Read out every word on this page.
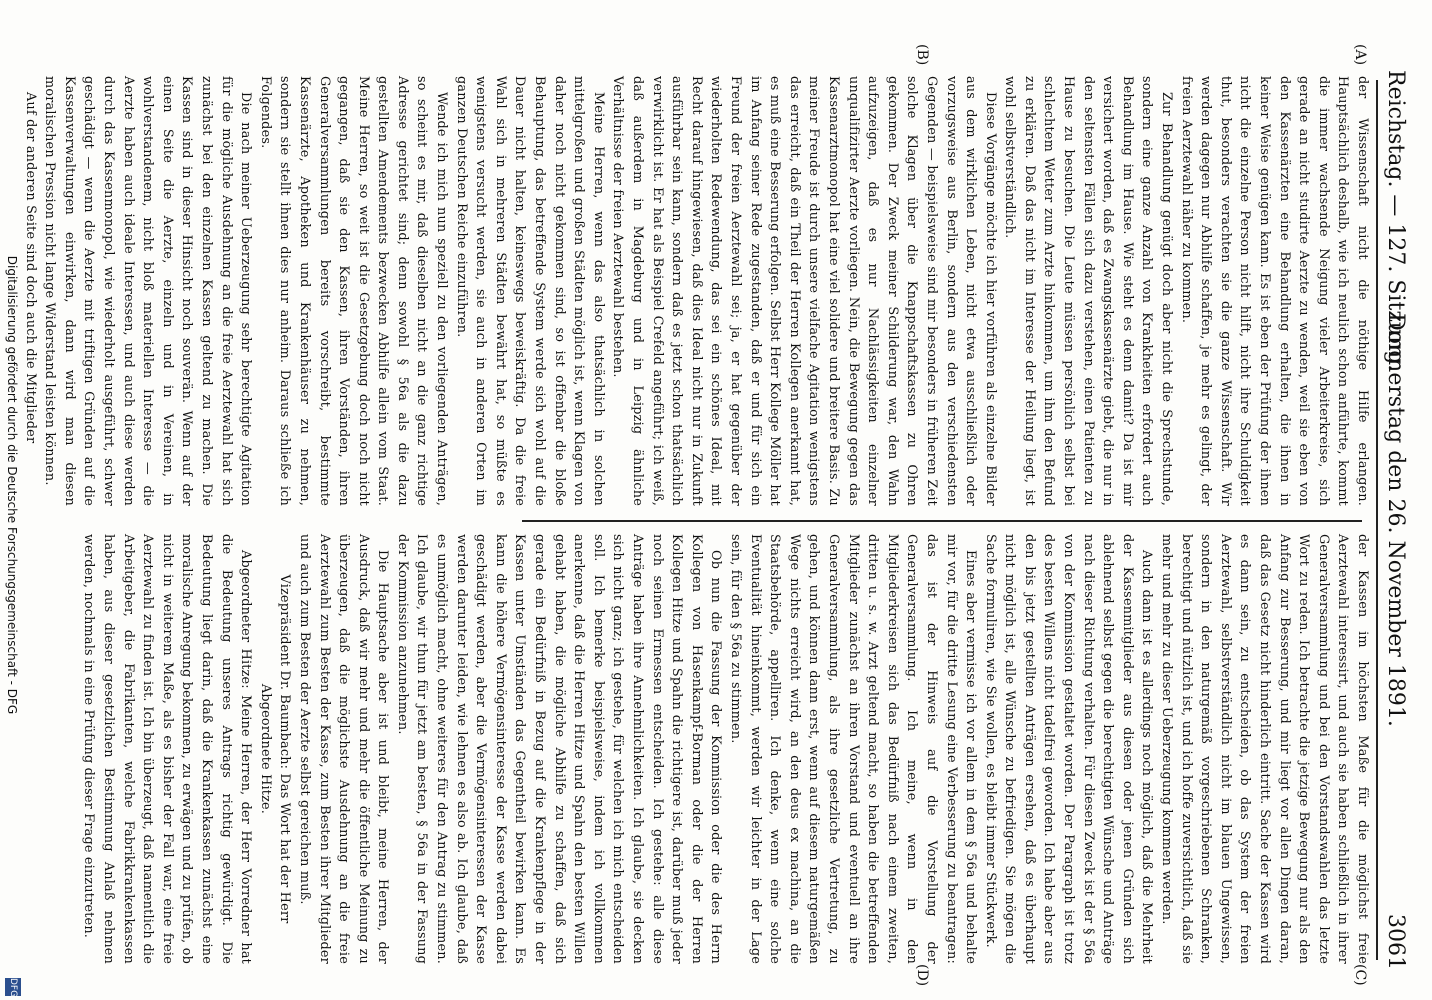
Reichstag. — 127. Sitzung.
Donnerstag den 26. November 1891.
3061
(A)
(B)
(C)
(D)

der Wissenschaft nicht die nöthige Hilfe erlangen. Hauptsächlich deshalb, wie ich neulich schon anführte, kommt die immer wachsende Neigung vieler Arbeiterkreise, sich gerade an nicht studirte Aerzte zu wenden, weil sie eben von den Kassenärzten eine Behandlung erhalten, die ihnen in keiner Weise genügen kann. Es ist eben der Prüfung der ihnen nicht die einzelne Person nicht hilft, nicht ihre Schuldigkeit thut, besonders verachten sie die ganze Wissenschaft. Wir werden dagegen nur Abhilfe schaffen, je mehr es gelingt, der freien Aerztewahl näher zu kommen.

Zur Behandlung genügt doch aber nicht die Sprechstunde, sondern eine ganze Anzahl von Krankheiten erfordert auch Behandlung im Hause. Wie steht es denn damit? Da ist mir versichert worden, daß es Zwangskassenärzte giebt, die nur in den seltensten Fällen sich dazu verstehen, einen Patienten zu Hause zu besuchen. Die Leute müssen persönlich selbst bei schlechtem Wetter zum Arzte hinkommen, um ihm den Befund zu erklären. Daß das nicht im Interesse der Heilung liegt, ist wohl selbstverständlich.

Diese Vorgänge möchte ich hier vorführen als einzelne Bilder aus dem wirklichen Leben, nicht etwa ausschließlich oder vorzugsweise aus Berlin, sondern aus den verschiedensten Gegenden — beispielsweise sind mir besonders in früheren Zeit solche Klagen über die Knappschaftskassen zu Ohren gekommen. Der Zweck meiner Schilderung war, den Wahn aufzuzeigen, daß es nur Nachlässigkeiten einzelner unqualifizirter Aerzte vorliegen. Nein, die Bewegung gegen das Kassenarztmonopol hat eine viel solidere und breitere Basis. Zu meiner Freude ist durch unsere vielfache Agitation wenigstens das erreicht, daß ein Theil der Herren Kollegen anerkannt hat, es muß eine Besserung erfolgen. Selbst Herr Kollege Möller hat im Anfang seiner Rede zugestanden, daß er und für sich ein Freund der freien Aerztewahl sei; ja, er hat gegenüber der wiederholten Redewendung, das sei ein schönes Ideal, mit Recht darauf hingewiesen, daß dies Ideal nicht nur in Zukunft ausführbar sein kann, sondern daß es jetzt schon thatsächlich verwirklicht ist. Er hat als Beispiel Crefeld angeführt; ich weiß, daß außerdem in Magdeburg und in Leipzig ähnliche Verhältnisse der freien Aerztewahl bestehen.

Meine Herren, wenn das also thatsächlich in solchen mittelgroßen und großen Städten möglich ist, wenn Klagen von daher noch nicht gekommen sind, so ist offenbar die bloße Behauptung, das betreffende System werde sich wohl auf die Dauer nicht halten, keineswegs beweiskräftig. Da die freie Wahl sich in mehreren Städten bewährt hat, so müßte es wenigstens versucht werden, sie auch in anderen Orten im ganzen Deutschen Reiche einzuführen.

Wende ich mich nun speziell zu den vorliegenden Anträgen, so scheint es mir, daß dieselben nicht an die ganz richtige Adresse gerichtet sind; denn sowohl § 56a als die dazu gestellten Amendements bezwecken Abhilfe allein vom Staat. Meine Herren, so weit ist die Gesetzgebung doch noch nicht gegangen, daß sie den Kassen, ihren Vorständen, ihren Generalversammlungen bereits vorschreibt, bestimmte Kassenärzte, Apotheken und Krankenhäuser zu nehmen, sondern sie stellt ihnen dies nur anheim. Daraus schließe ich Folgendes.

Die nach meiner Ueberzeugung sehr berechtigte Agitation für die mögliche Ausdehnung an die freie Aerztewahl hat sich zunächst bei den einzelnen Kassen geltend zu machen. Die Kassen sind in dieser Hinsicht noch souverän. Wenn auf der einen Seite die Aerzte, einzeln und in Vereinen, in wohlverstandenem, nicht bloß materiellen Interesse — die Aerzte haben auch ideale Interessen, und auch diese werden durch das Kassenmonopol, wie wiederholt ausgeführt, schwer geschädigt — wenn die Aerzte mit triftigen Gründen auf die Kassenverwaltungen einwirken, dann wird man diesen moralischen Pression nicht lange Widerstand leisten können.

Auf der anderen Seite sind doch auch die Mitglieder

der Kassen im höchsten Maße für die möglichst freie Aerztewahl interessirt, und auch sie haben schließlich in ihrer Generalversammlung und bei den Vorstandswahlen das letzte Wort zu reden. Ich betrachte die jetzige Bewegung nur als den Anfang zur Besserung, und mir liegt vor allen Dingen daran, daß das Gesetz nicht hinderlich eintritt. Sache der Kassen wird es dann sein, zu entscheiden, ob das System der freien Aerztewahl, selbstverständlich nicht im blauen Ungewissen, sondern in den naturgemäß vorgeschriebenen Schranken, berechtigt und nützlich ist, und ich hoffe zuversichtlich, daß sie mehr und mehr zu dieser Ueberzeugung kommen werden.

Auch dann ist es allerdings noch möglich, daß die Mehrheit der Kassenmitglieder aus diesen oder jenen Gründen sich ablehnend selbst gegen die berechtigten Wünsche und Anträge nach dieser Richtung verhalten. Für diesen Zweck ist der § 56a von der Kommission gestaltet worden. Der Paragraph ist trotz des besten Willens nicht tadelfrei geworden. Ich habe aber aus den bis jetzt gestellten Anträgen ersehen, daß es überhaupt nicht möglich ist, alle Wünsche zu befriedigen. Sie mögen die Sache formuliren, wie Sie wollen, es bleibt immer Stückwerk.

Eines aber vermisse ich vor allem in dem § 56a und behalte mir vor, für die dritte Lesung eine Verbesserung zu beantragen: das ist der Hinweis auf die Vorstellung der Generalversammlung. Ich meine, wenn in den Mitgliederkreisen sich das Bedürfniß nach einem zweiten, dritten u. s. w. Arzt geltend macht, so haben die betreffenden Mitglieder zunächst an ihren Vorstand und eventuell an ihre Generalversammlung, als ihre gesetzliche Vertretung, zu gehen, und können dann erst, wenn auf diesem naturgemäßen Wege nichts erreicht wird, an den deus ex machina, an die Staatsbehörde, appelliren. Ich denke, wenn eine solche Eventualität hineinkommt, werden wir leichter in der Lage sein, für den § 56a zu stimmen.

Ob nun die Fassung der Kommission oder die des Herrn Kollegen von Hasenkampf-Borman oder die der Herren Kollegen Hitze und Spahn die richtigere ist, darüber muß jeder noch seinen Ermessen entscheiden. Ich gestehe: alle diese Anträge haben ihre Annehmlichkeiten. Ich glaube, sie decken sich nicht ganz; ich gestehe, für welchen ich mich entscheiden soll. Ich bemerke beispielsweise, indem ich vollkommen anerkenne, daß die Herren Hitze und Spahn den besten Willen gehabt haben, die mögliche Abhilfe zu schaffen, daß sich gerade ein Bedürfniß in Bezug auf die Krankenpflege in der Kassen unter Umständen das Gegentheil bewirken kann. Es kann die höhere Vermögensinteresse der Kasse werden dabei geschädigt werden, aber die Vermögensinteressen der Kasse werden darunter leiden, wie lehnen es also ab. Ich glaube, daß es unmöglich macht, ohne weiteres für den Antrag zu stimmen. Ich glaube, wir thun für jetzt am besten, § 56a in der Fassung der Kommission anzunehmen.

Die Hauptsache aber ist und bleibt, meine Herren, der Ausdruck, daß wir mehr und mehr die öffentliche Meinung zu überzeugen, daß die möglichste Ausdehnung an die freie Aerztewahl zum Besten der Kasse, zum Besten ihrer Mitglieder und auch zum Besten der Aerzte selbst gereichen muß.

Vizepräsident Dr. Baumbach: Das Wort hat der Herr Abgeordnete Hitze.

Abgeordneter Hitze: Meine Herren, der Herr Vorredner hat die Bedeutung unseres Antrags richtig gewürdigt. Die Bedeutung liegt darin, daß die Krankenkassen zunächst eine moralische Anregung bekommen, zu erwägen und zu prüfen, ob nicht in weiterem Maße, als es bisher der Fall war, eine freie Aerztewahl zu finden ist. Ich bin überzeugt, daß namentlich die Arbeitgeber, die Fabrikanten, welche Fabrikkrankenkassen haben, aus dieser gesetzlichen Bestimmung Anlaß nehmen werden, nochmals in eine Prüfung dieser Frage einzutreten.

Digitalisierung gefördert durch die Deutsche Forschungsgemeinschaft - DFG
DFG
